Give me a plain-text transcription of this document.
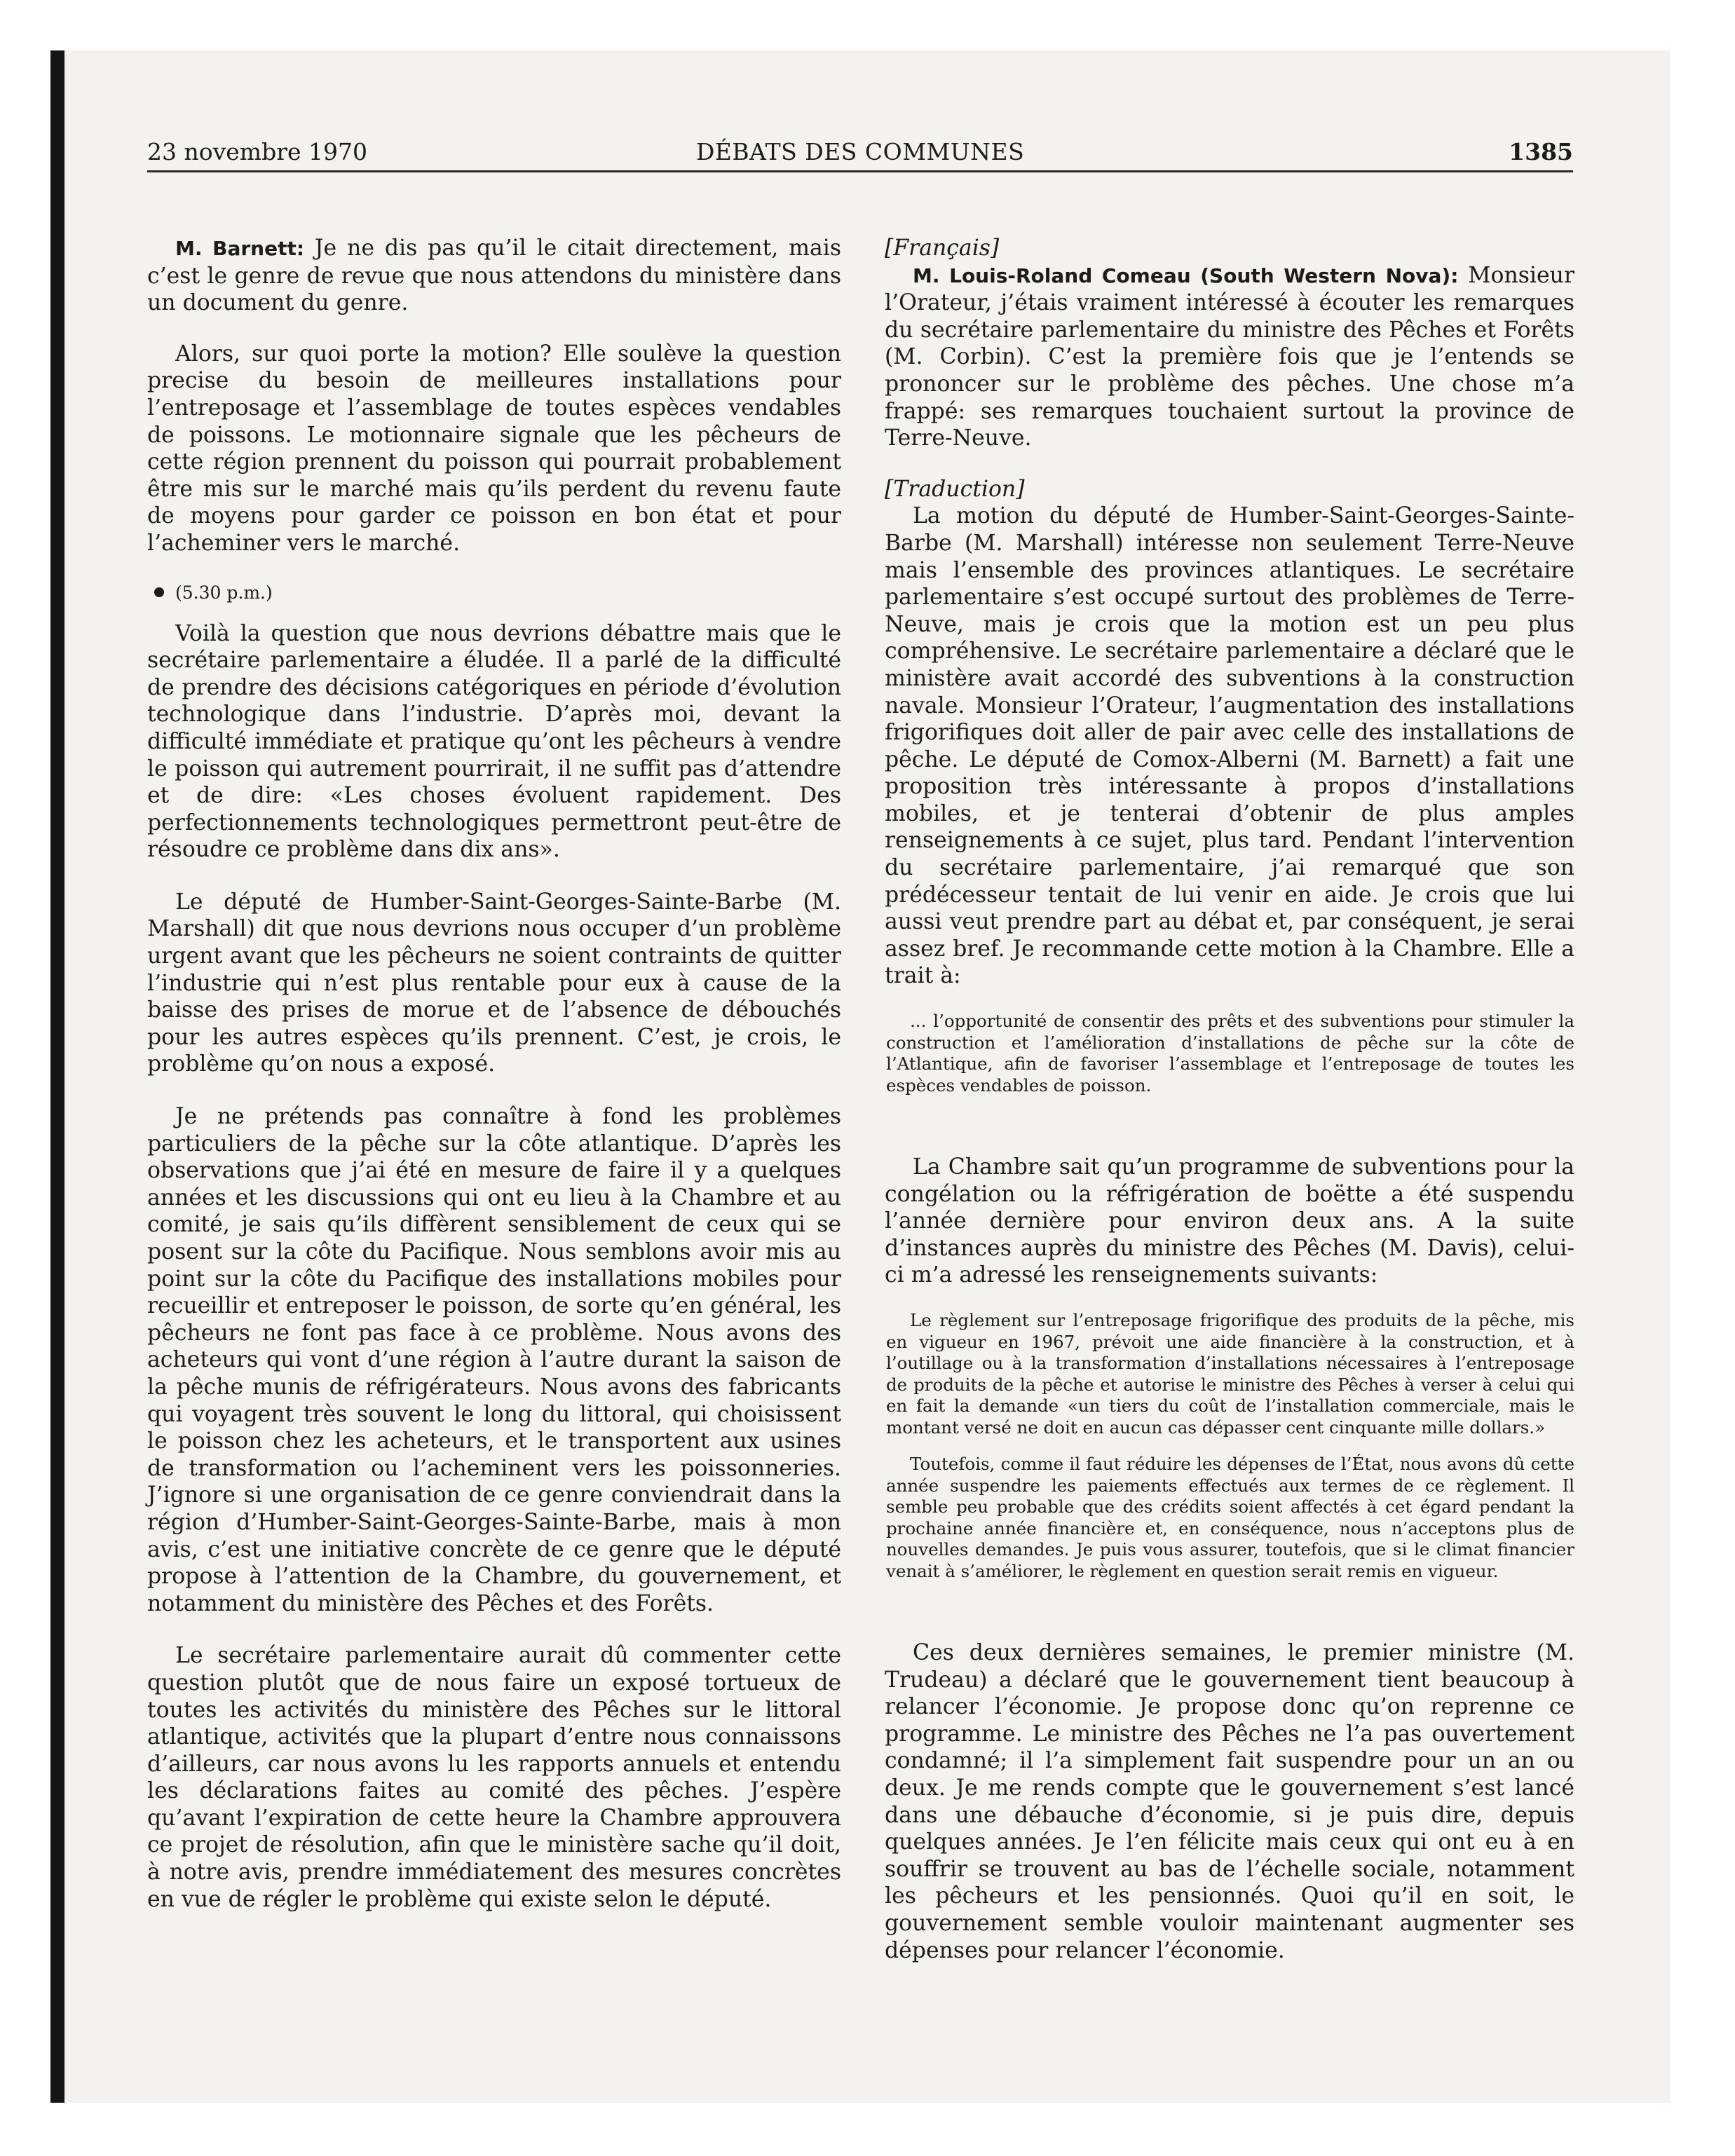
23 novembre 1970	DÉBATS DES COMMUNES	1385

M. Barnett: Je ne dis pas qu’il le citait directement, mais c’est le genre de revue que nous attendons du ministère dans un document du genre.

Alors, sur quoi porte la motion? Elle soulève la question precise du besoin de meilleures installations pour l’entreposage et l’assemblage de toutes espèces vendables de poissons. Le motionnaire signale que les pêcheurs de cette région prennent du poisson qui pourrait probablement être mis sur le marché mais qu’ils perdent du revenu faute de moyens pour garder ce poisson en bon état et pour l’acheminer vers le marché.

(5.30 p.m.)

Voilà la question que nous devrions débattre mais que le secrétaire parlementaire a éludée. Il a parlé de la difficulté de prendre des décisions catégoriques en période d’évolution technologique dans l’industrie. D’après moi, devant la difficulté immédiate et pratique qu’ont les pêcheurs à vendre le poisson qui autrement pourrirait, il ne suffit pas d’attendre et de dire: «Les choses évoluent rapidement. Des perfectionnements technologiques permettront peut-être de résoudre ce problème dans dix ans».

Le député de Humber-Saint-Georges-Sainte-Barbe (M. Marshall) dit que nous devrions nous occuper d’un problème urgent avant que les pêcheurs ne soient contraints de quitter l’industrie qui n’est plus rentable pour eux à cause de la baisse des prises de morue et de l’absence de débouchés pour les autres espèces qu’ils prennent. C’est, je crois, le problème qu’on nous a exposé.

Je ne prétends pas connaître à fond les problèmes particuliers de la pêche sur la côte atlantique. D’après les observations que j’ai été en mesure de faire il y a quelques années et les discussions qui ont eu lieu à la Chambre et au comité, je sais qu’ils diffèrent sensiblement de ceux qui se posent sur la côte du Pacifique. Nous semblons avoir mis au point sur la côte du Pacifique des installations mobiles pour recueillir et entreposer le poisson, de sorte qu’en général, les pêcheurs ne font pas face à ce problème. Nous avons des acheteurs qui vont d’une région à l’autre durant la saison de la pêche munis de réfrigérateurs. Nous avons des fabricants qui voyagent très souvent le long du littoral, qui choisissent le poisson chez les acheteurs, et le transportent aux usines de transformation ou l’acheminent vers les poissonneries. J’ignore si une organisation de ce genre conviendrait dans la région d’Humber-Saint-Georges-Sainte-Barbe, mais à mon avis, c’est une initiative concrète de ce genre que le député propose à l’attention de la Chambre, du gouvernement, et notamment du ministère des Pêches et des Forêts.

Le secrétaire parlementaire aurait dû commenter cette question plutôt que de nous faire un exposé tortueux de toutes les activités du ministère des Pêches sur le littoral atlantique, activités que la plupart d’entre nous connaissons d’ailleurs, car nous avons lu les rapports annuels et entendu les déclarations faites au comité des pêches. J’espère qu’avant l’expiration de cette heure la Chambre approuvera ce projet de résolution, afin que le ministère sache qu’il doit, à notre avis, prendre immédiatement des mesures concrètes en vue de régler le problème qui existe selon le député.

[Français]

M. Louis-Roland Comeau (South Western Nova): Monsieur l’Orateur, j’étais vraiment intéressé à écouter les remarques du secrétaire parlementaire du ministre des Pêches et Forêts (M. Corbin). C’est la première fois que je l’entends se prononcer sur le problème des pêches. Une chose m’a frappé: ses remarques touchaient surtout la province de Terre-Neuve.

[Traduction]

La motion du député de Humber-Saint-Georges-Sainte-Barbe (M. Marshall) intéresse non seulement Terre-Neuve mais l’ensemble des provinces atlantiques. Le secrétaire parlementaire s’est occupé surtout des problèmes de Terre-Neuve, mais je crois que la motion est un peu plus compréhensive. Le secrétaire parlementaire a déclaré que le ministère avait accordé des subventions à la construction navale. Monsieur l’Orateur, l’augmentation des installations frigorifiques doit aller de pair avec celle des installations de pêche. Le député de Comox-Alberni (M. Barnett) a fait une proposition très intéressante à propos d’installations mobiles, et je tenterai d’obtenir de plus amples renseignements à ce sujet, plus tard. Pendant l’intervention du secrétaire parlementaire, j’ai remarqué que son prédécesseur tentait de lui venir en aide. Je crois que lui aussi veut prendre part au débat et, par conséquent, je serai assez bref. Je recommande cette motion à la Chambre. Elle a trait à:

... l’opportunité de consentir des prêts et des subventions pour stimuler la construction et l’amélioration d’installations de pêche sur la côte de l’Atlantique, afin de favoriser l’assemblage et l’entreposage de toutes les espèces vendables de poisson.

La Chambre sait qu’un programme de subventions pour la congélation ou la réfrigération de boëtte a été suspendu l’année dernière pour environ deux ans. A la suite d’instances auprès du ministre des Pêches (M. Davis), celui-ci m’a adressé les renseignements suivants:

Le règlement sur l’entreposage frigorifique des produits de la pêche, mis en vigueur en 1967, prévoit une aide financière à la construction, et à l’outillage ou à la transformation d’installations nécessaires à l’entreposage de produits de la pêche et autorise le ministre des Pêches à verser à celui qui en fait la demande «un tiers du coût de l’installation commerciale, mais le montant versé ne doit en aucun cas dépasser cent cinquante mille dollars.»

Toutefois, comme il faut réduire les dépenses de l’État, nous avons dû cette année suspendre les paiements effectués aux termes de ce règlement. Il semble peu probable que des crédits soient affectés à cet égard pendant la prochaine année financière et, en conséquence, nous n’acceptons plus de nouvelles demandes. Je puis vous assurer, toutefois, que si le climat financier venait à s’améliorer, le règlement en question serait remis en vigueur.

Ces deux dernières semaines, le premier ministre (M. Trudeau) a déclaré que le gouvernement tient beaucoup à relancer l’économie. Je propose donc qu’on reprenne ce programme. Le ministre des Pêches ne l’a pas ouvertement condamné; il l’a simplement fait suspendre pour un an ou deux. Je me rends compte que le gouvernement s’est lancé dans une débauche d’économie, si je puis dire, depuis quelques années. Je l’en félicite mais ceux qui ont eu à en souffrir se trouvent au bas de l’échelle sociale, notamment les pêcheurs et les pensionnés. Quoi qu’il en soit, le gouvernement semble vouloir maintenant augmenter ses dépenses pour relancer l’économie.
